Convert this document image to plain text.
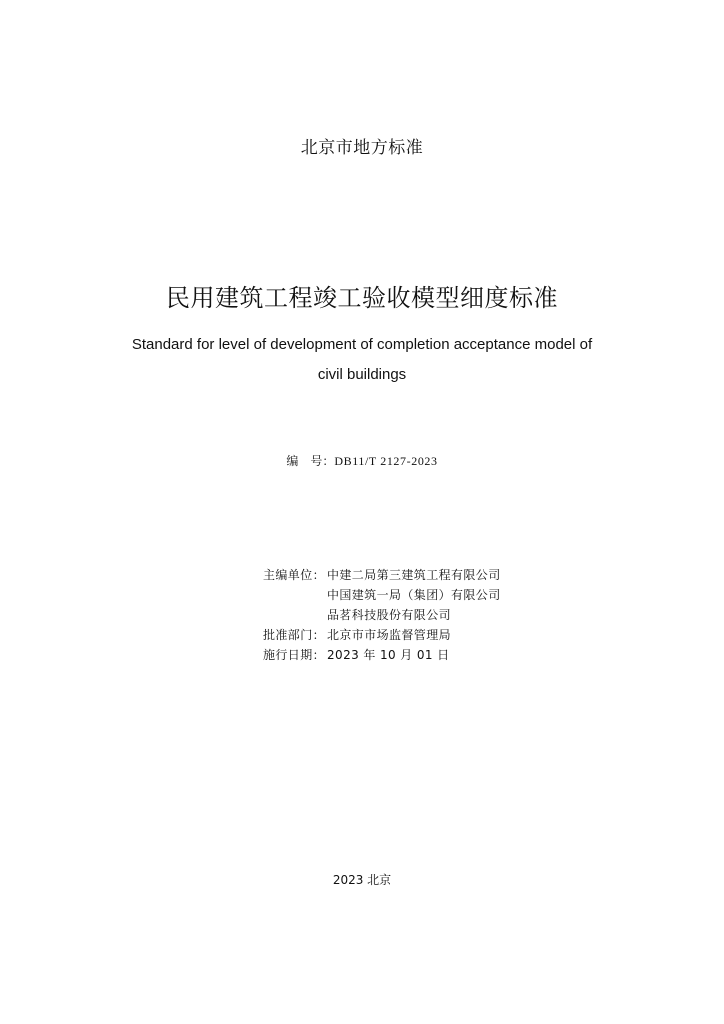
北京市地方标准
民用建筑工程竣工验收模型细度标准
Standard for level of development of completion acceptance model of
civil buildings
编　号：DB11/T 2127-2023
主编单位： 中建二局第三建筑工程有限公司
中国建筑一局（集团）有限公司
品茗科技股份有限公司
批准部门： 北京市市场监督管理局
施行日期： 2023 年 10 月 01 日
2023 北京
